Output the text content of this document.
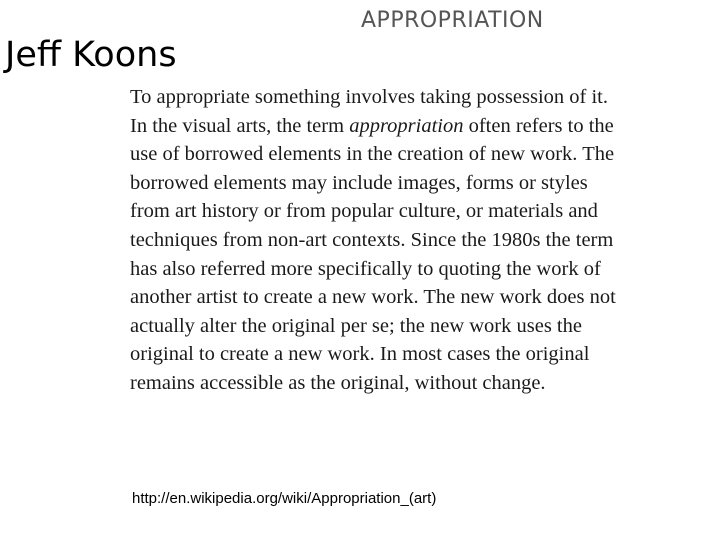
Jeff Koons
APPROPRIATION

To appropriate something involves taking possession of it. In the visual arts, the term appropriation often refers to the use of borrowed elements in the creation of new work. The borrowed elements may include images, forms or styles from art history or from popular culture, or materials and techniques from non-art contexts. Since the 1980s the term has also referred more specifically to quoting the work of another artist to create a new work. The new work does not actually alter the original per se; the new work uses the original to create a new work. In most cases the original remains accessible as the original, without change.

http://en.wikipedia.org/wiki/Appropriation_(art)
